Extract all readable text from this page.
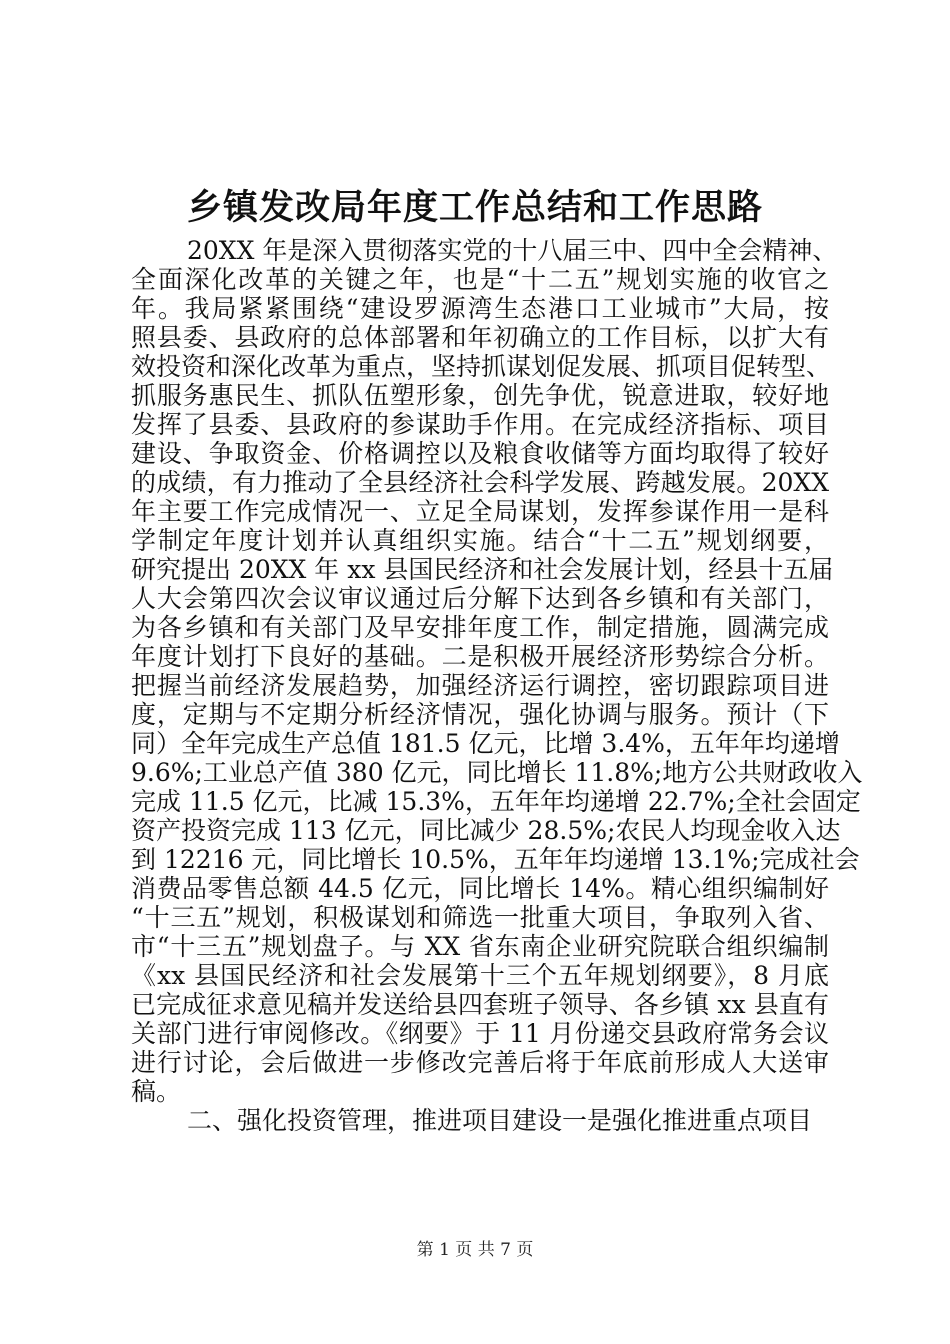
乡镇发改局年度工作总结和工作思路
20XX 年是深入贯彻落实党的十八届三中、四中全会精神、
全面深化改革的关键之年，也是“十二五”规划实施的收官之
年。我局紧紧围绕“建设罗源湾生态港口工业城市”大局，按
照县委、县政府的总体部署和年初确立的工作目标，以扩大有
效投资和深化改革为重点，坚持抓谋划促发展、抓项目促转型、
抓服务惠民生、抓队伍塑形象，创先争优，锐意进取，较好地
发挥了县委、县政府的参谋助手作用。在完成经济指标、项目
建设、争取资金、价格调控以及粮食收储等方面均取得了较好
的成绩，有力推动了全县经济社会科学发展、跨越发展。20XX
年主要工作完成情况一、立足全局谋划，发挥参谋作用一是科
学制定年度计划并认真组织实施。结合“十二五”规划纲要，
研究提出 20XX 年 xx 县国民经济和社会发展计划，经县十五届
人大会第四次会议审议通过后分解下达到各乡镇和有关部门，
为各乡镇和有关部门及早安排年度工作，制定措施，圆满完成
年度计划打下良好的基础。二是积极开展经济形势综合分析。
把握当前经济发展趋势，加强经济运行调控，密切跟踪项目进
度，定期与不定期分析经济情况，强化协调与服务。预计（下
同）全年完成生产总值 181.5 亿元，比增 3.4%，五年年均递增
9.6%;工业总产值 380 亿元，同比增长 11.8%;地方公共财政收入
完成 11.5 亿元，比减 15.3%，五年年均递增 22.7%;全社会固定
资产投资完成 113 亿元，同比减少 28.5%;农民人均现金收入达
到 12216 元，同比增长 10.5%，五年年均递增 13.1%;完成社会
消费品零售总额 44.5 亿元，同比增长 14%。精心组织编制好
“十三五”规划，积极谋划和筛选一批重大项目，争取列入省、
市“十三五”规划盘子。与 XX 省东南企业研究院联合组织编制
《xx 县国民经济和社会发展第十三个五年规划纲要》，8 月底
已完成征求意见稿并发送给县四套班子领导、各乡镇 xx 县直有
关部门进行审阅修改。《纲要》于 11 月份递交县政府常务会议
进行讨论，会后做进一步修改完善后将于年底前形成人大送审
稿。
二、强化投资管理，推进项目建设一是强化推进重点项目
第 1 页 共 7 页
